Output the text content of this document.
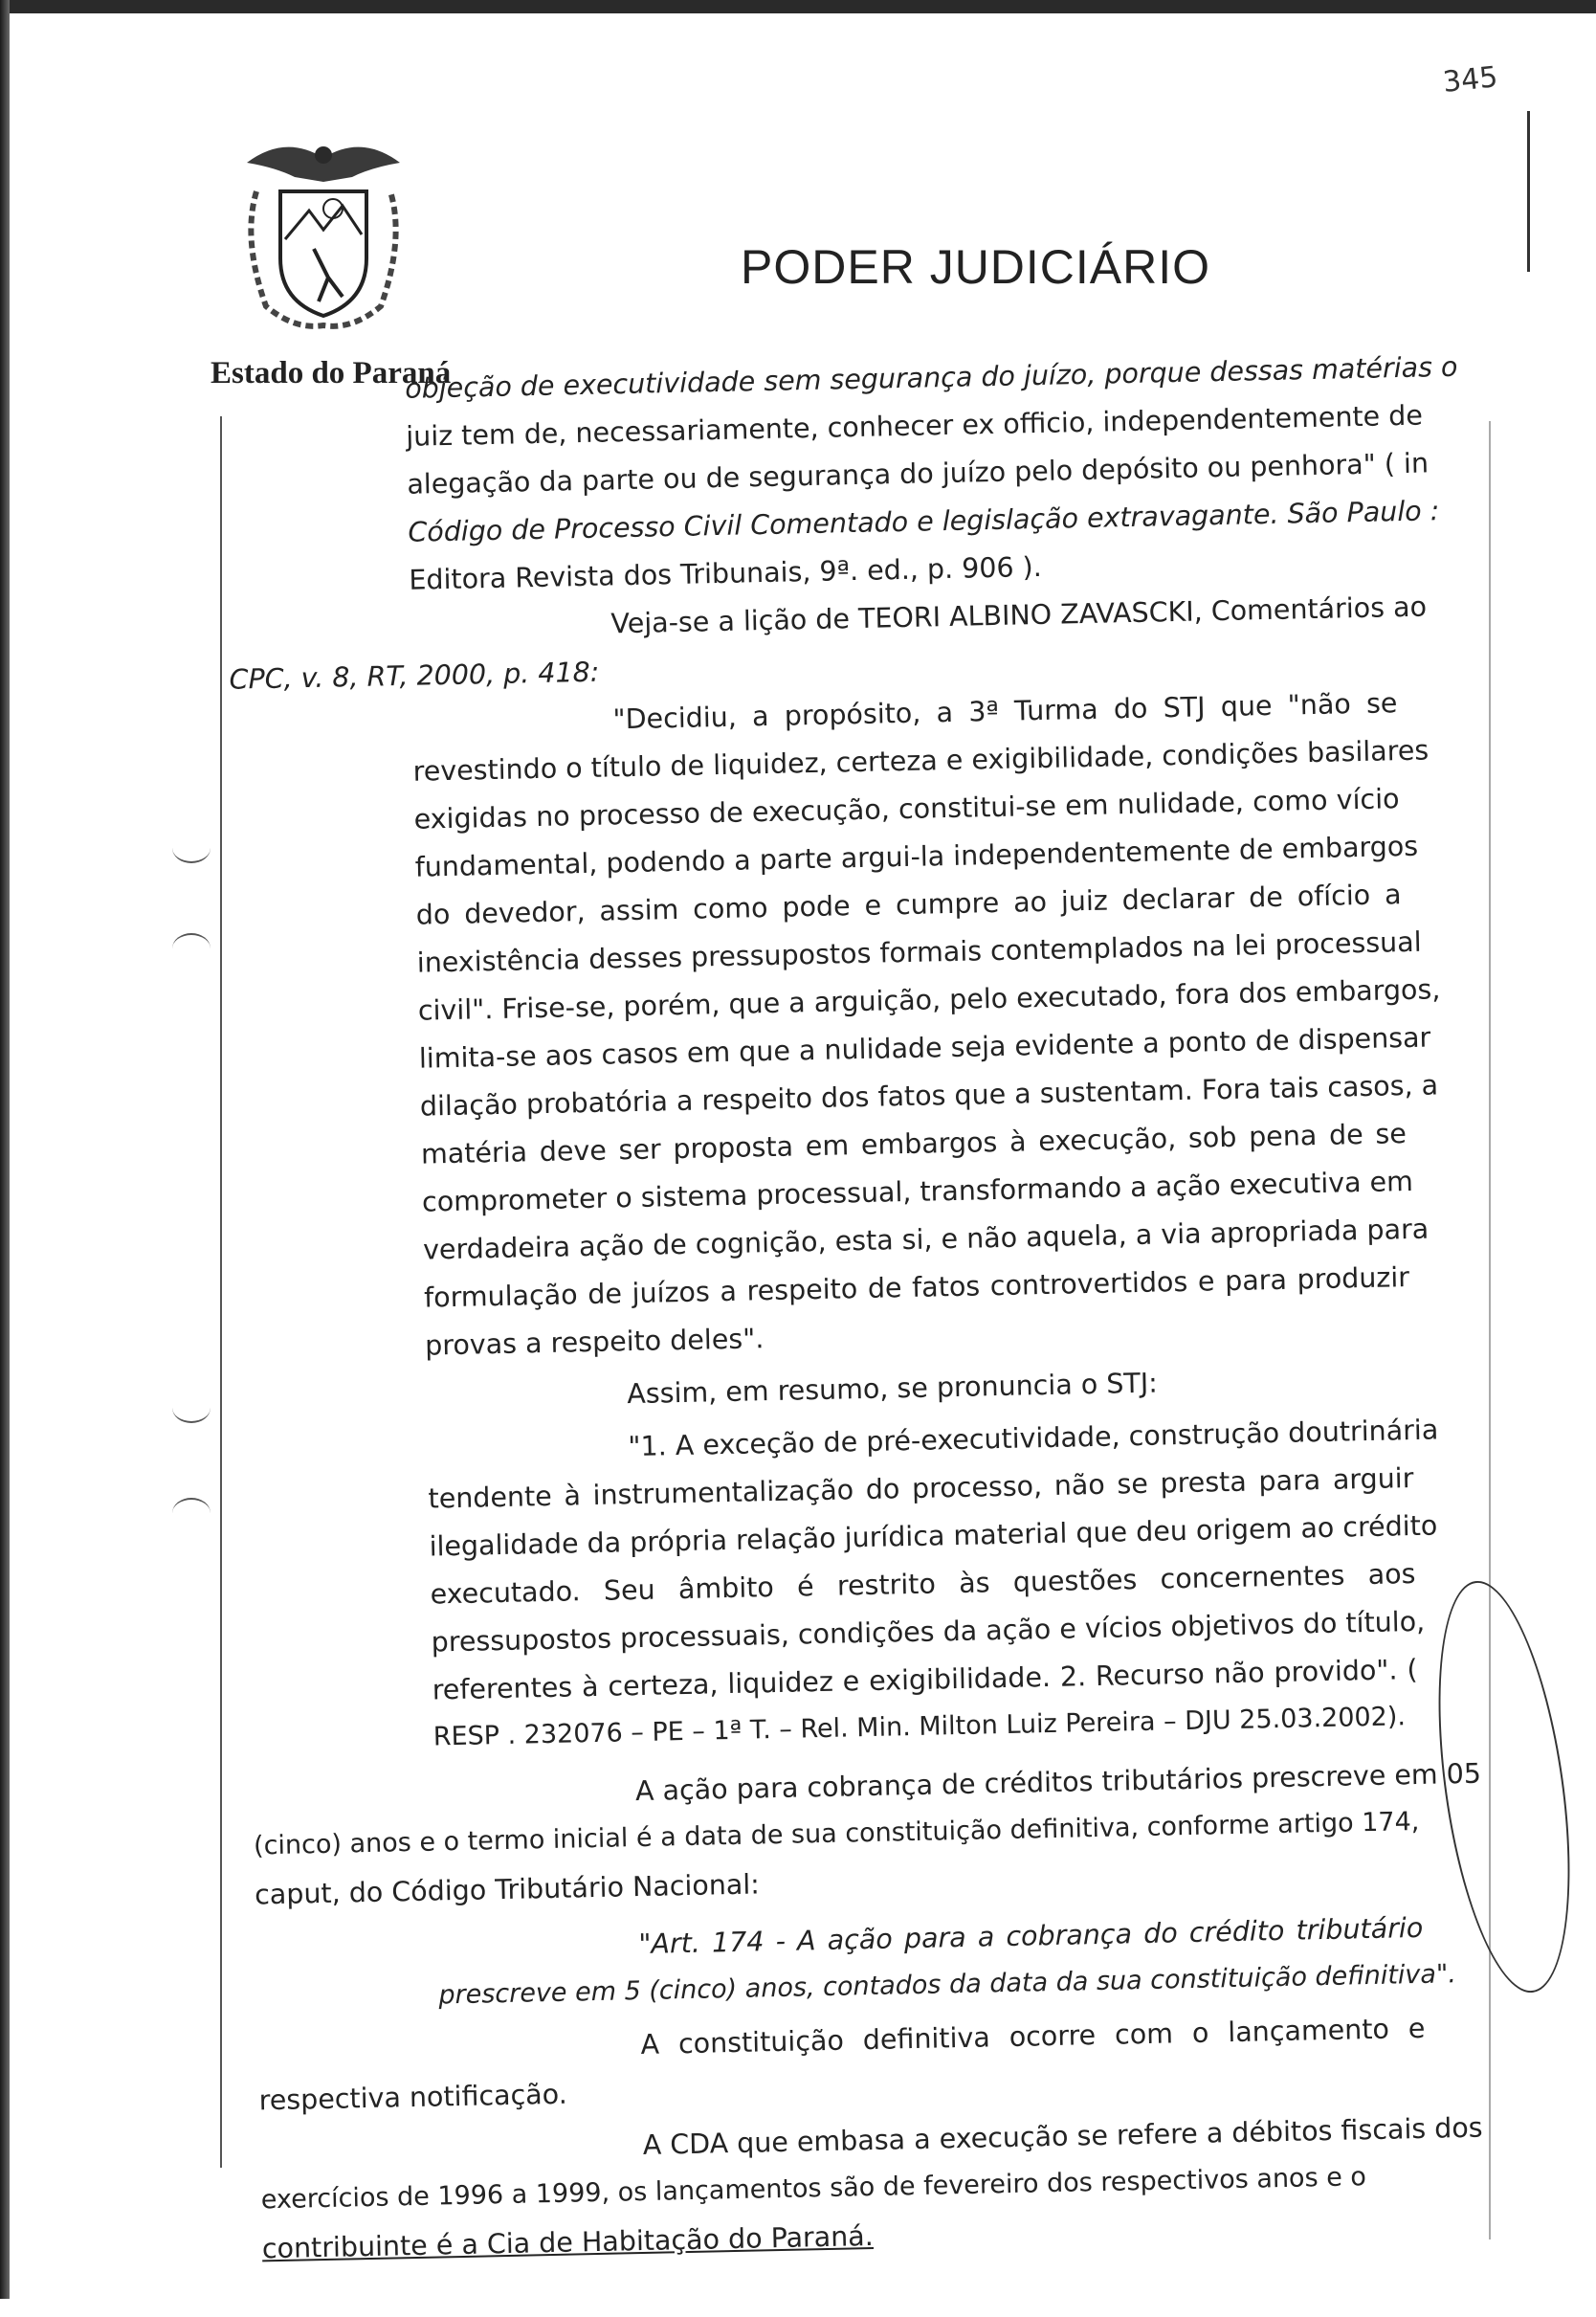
345
PODER JUDICIÁRIO
Estado do Paraná
objeção de executividade sem segurança do juízo, porque dessas matérias o
juiz tem de, necessariamente, conhecer ex officio, independentemente de
alegação da parte ou de segurança do juízo pelo depósito ou penhora" ( in
Código de Processo Civil Comentado e legislação extravagante. São Paulo :
Editora Revista dos Tribunais, 9ª. ed., p. 906 ).
Veja-se a lição de TEORI ALBINO ZAVASCKI, Comentários ao
CPC, v. 8, RT, 2000, p. 418:
"Decidiu, a propósito, a 3ª Turma do STJ que "não se
revestindo o título de liquidez, certeza e exigibilidade, condições basilares
exigidas no processo de execução, constitui-se em nulidade, como vício
fundamental, podendo a parte argui-la independentemente de embargos
do devedor, assim como pode e cumpre ao juiz declarar de ofício a
inexistência desses pressupostos formais contemplados na lei processual
civil". Frise-se, porém, que a arguição, pelo executado, fora dos embargos,
limita-se aos casos em que a nulidade seja evidente a ponto de dispensar
dilação probatória a respeito dos fatos que a sustentam. Fora tais casos, a
matéria deve ser proposta em embargos à execução, sob pena de se
comprometer o sistema processual, transformando a ação executiva em
verdadeira ação de cognição, esta si, e não aquela, a via apropriada para
formulação de juízos a respeito de fatos controvertidos e para produzir
provas a respeito deles".
Assim, em resumo, se pronuncia o STJ:
"1. A exceção de pré-executividade, construção doutrinária
tendente à instrumentalização do processo, não se presta para arguir
ilegalidade da própria relação jurídica material que deu origem ao crédito
executado. Seu âmbito é restrito às questões concernentes aos
pressupostos processuais, condições da ação e vícios objetivos do título,
referentes à certeza, liquidez e exigibilidade. 2. Recurso não provido". (
RESP . 232076 – PE – 1ª T. – Rel. Min. Milton Luiz Pereira – DJU 25.03.2002).
A ação para cobrança de créditos tributários prescreve em 05
(cinco) anos e o termo inicial é a data de sua constituição definitiva, conforme artigo 174,
caput, do Código Tributário Nacional:
"Art. 174 - A ação para a cobrança do crédito tributário
prescreve em 5 (cinco) anos, contados da data da sua constituição definitiva".
A constituição definitiva ocorre com o lançamento e
respectiva notificação.
A CDA que embasa a execução se refere a débitos fiscais dos
exercícios de 1996 a 1999, os lançamentos são de fevereiro dos respectivos anos e o
contribuinte é a Cia de Habitação do Paraná.
